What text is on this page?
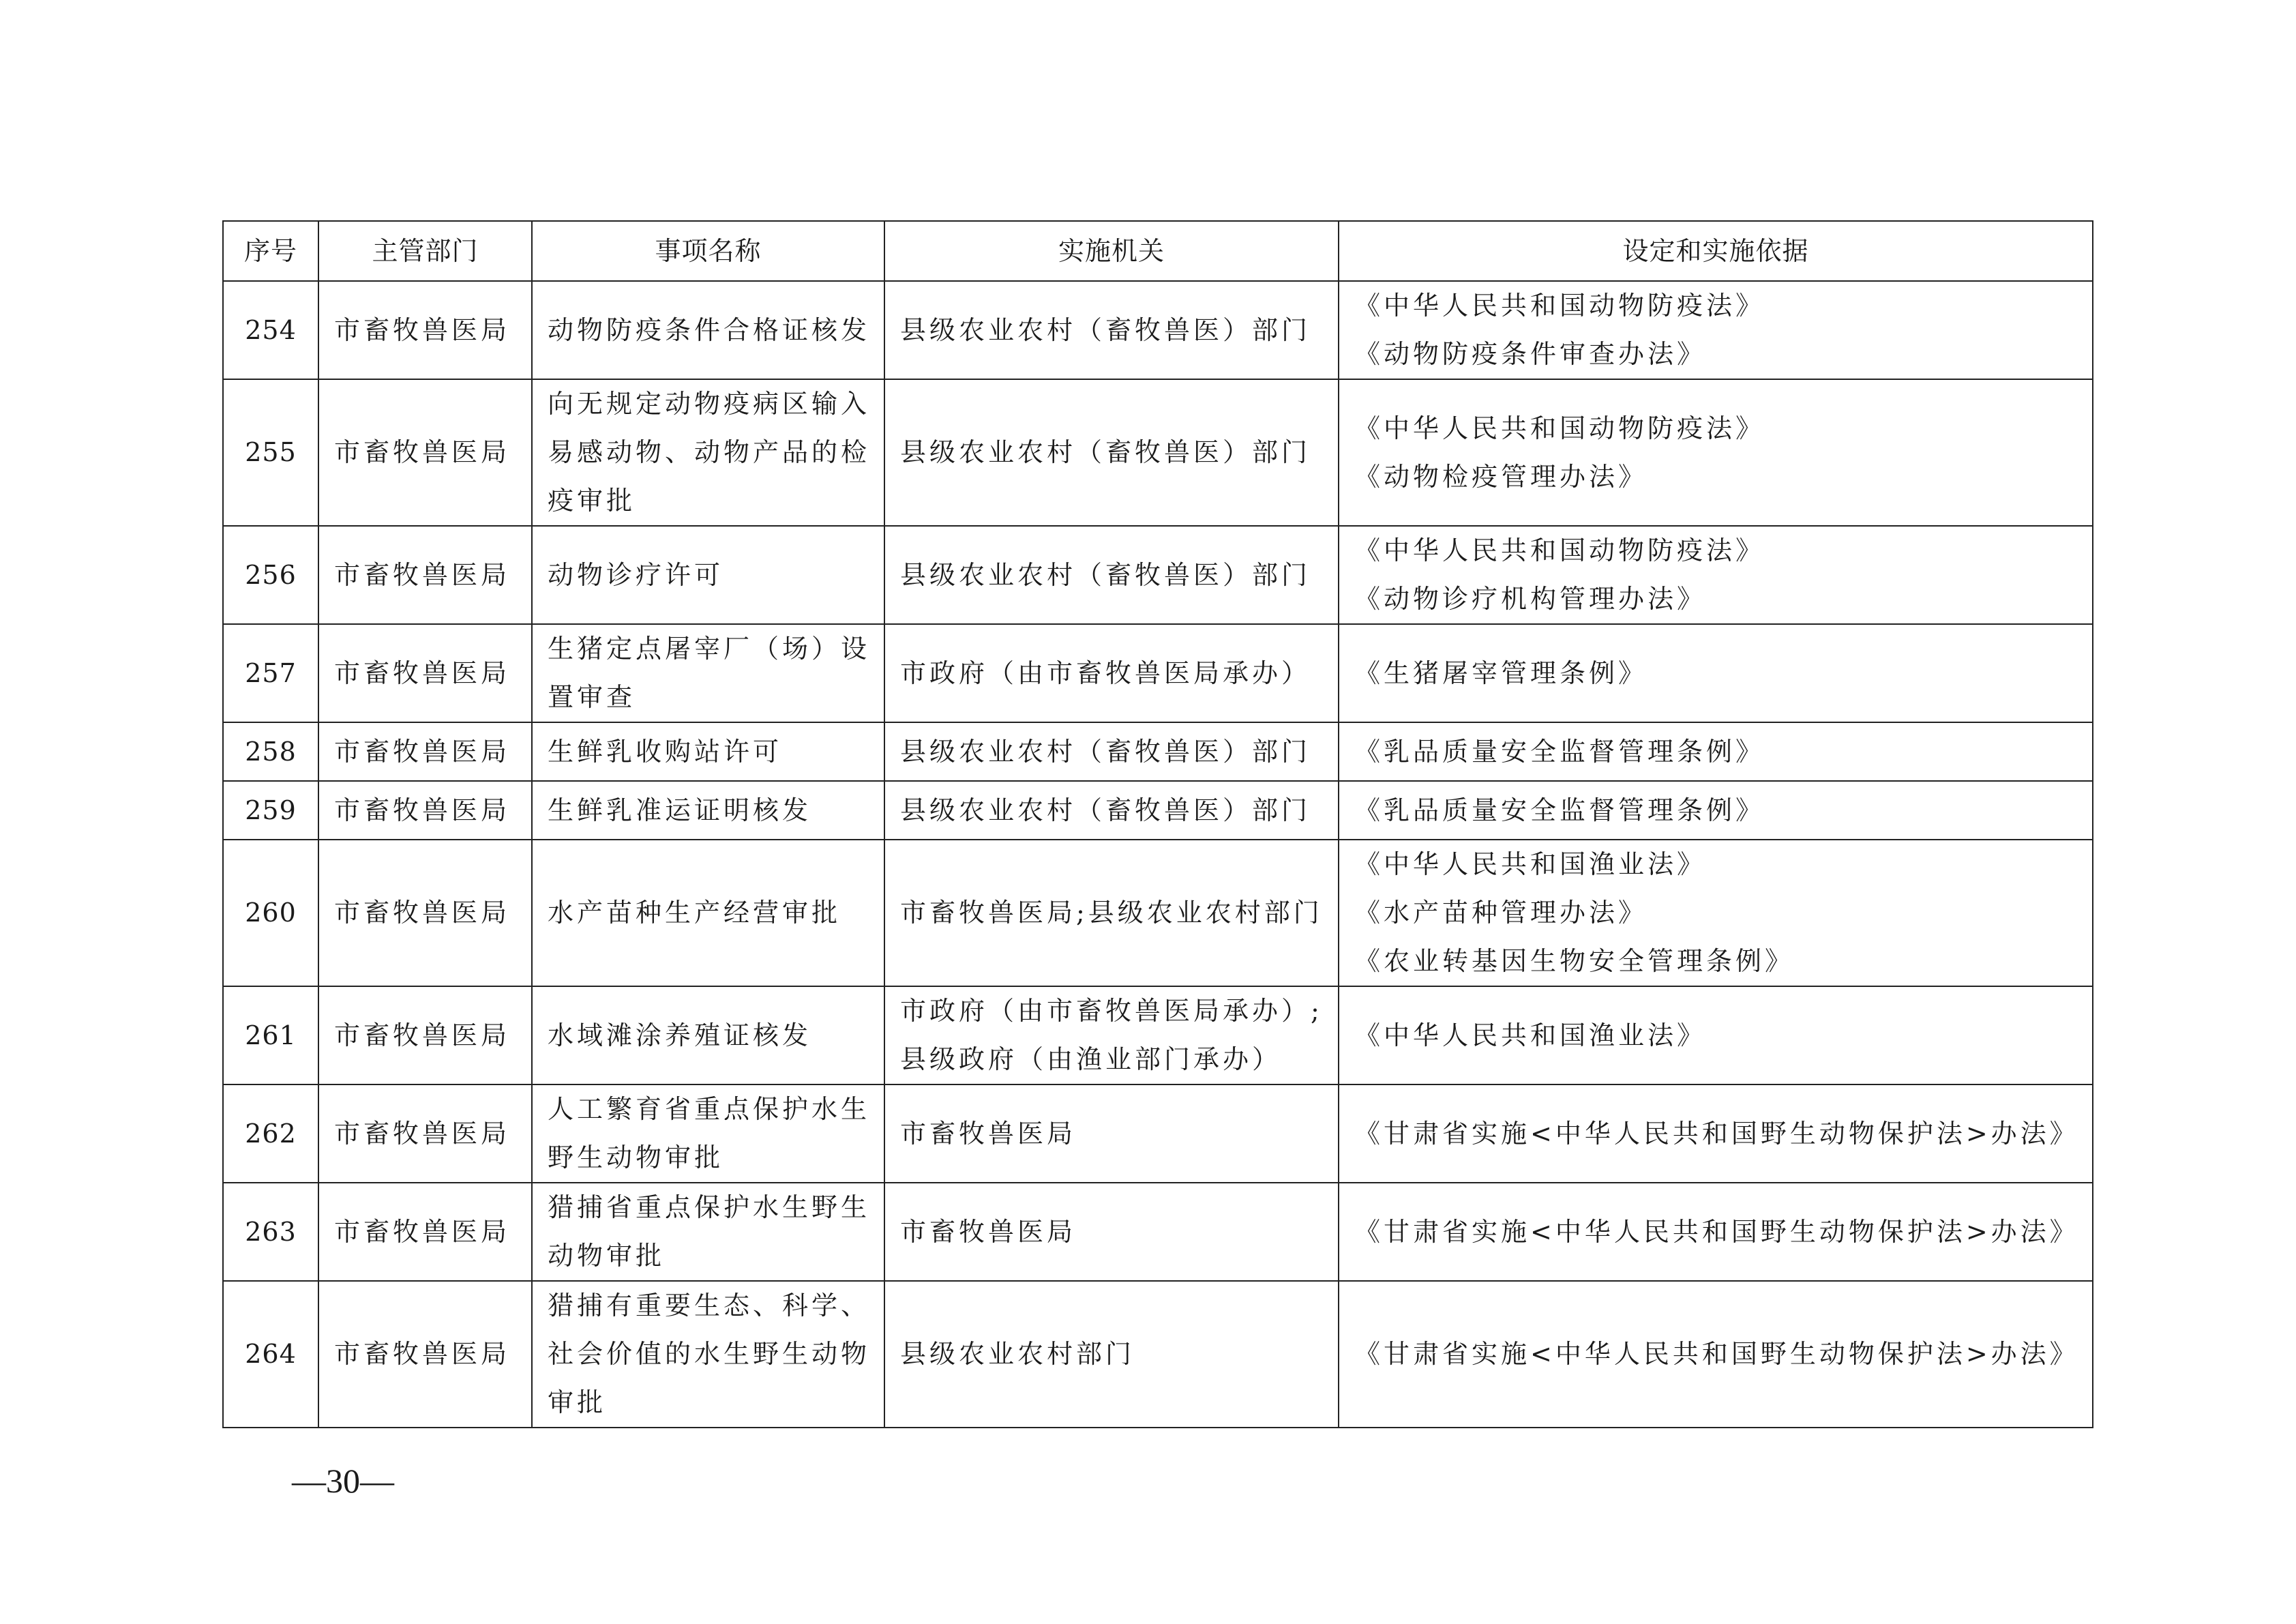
序号	主管部门	事项名称	实施机关	设定和实施依据
254	市畜牧兽医局	动物防疫条件合格证核发	县级农业农村（畜牧兽医）部门	《中华人民共和国动物防疫法》
《动物防疫条件审查办法》

255	市畜牧兽医局	向无规定动物疫病区输入
易感动物、动物产品的检
疫审批	县级农业农村（畜牧兽医）部门	《中华人民共和国动物防疫法》
《动物检疫管理办法》

256	市畜牧兽医局	动物诊疗许可	县级农业农村（畜牧兽医）部门	《中华人民共和国动物防疫法》
《动物诊疗机构管理办法》

257	市畜牧兽医局	生猪定点屠宰厂（场）设
置审查	市政府（由市畜牧兽医局承办）	《生猪屠宰管理条例》

258	市畜牧兽医局	生鲜乳收购站许可	县级农业农村（畜牧兽医）部门	《乳品质量安全监督管理条例》

259	市畜牧兽医局	生鲜乳准运证明核发	县级农业农村（畜牧兽医）部门	《乳品质量安全监督管理条例》

260	市畜牧兽医局	水产苗种生产经营审批	市畜牧兽医局;县级农业农村部门	《中华人民共和国渔业法》
《水产苗种管理办法》
《农业转基因生物安全管理条例》

261	市畜牧兽医局	水域滩涂养殖证核发	市政府（由市畜牧兽医局承办）;
县级政府（由渔业部门承办）	《中华人民共和国渔业法》

262	市畜牧兽医局	人工繁育省重点保护水生
野生动物审批	市畜牧兽医局	《甘肃省实施<中华人民共和国野生动物保护法>办法》

263	市畜牧兽医局	猎捕省重点保护水生野生
动物审批	市畜牧兽医局	《甘肃省实施<中华人民共和国野生动物保护法>办法》

264	市畜牧兽医局	猎捕有重要生态、科学、
社会价值的水生野生动物
审批	县级农业农村部门	《甘肃省实施<中华人民共和国野生动物保护法>办法》
—30—
